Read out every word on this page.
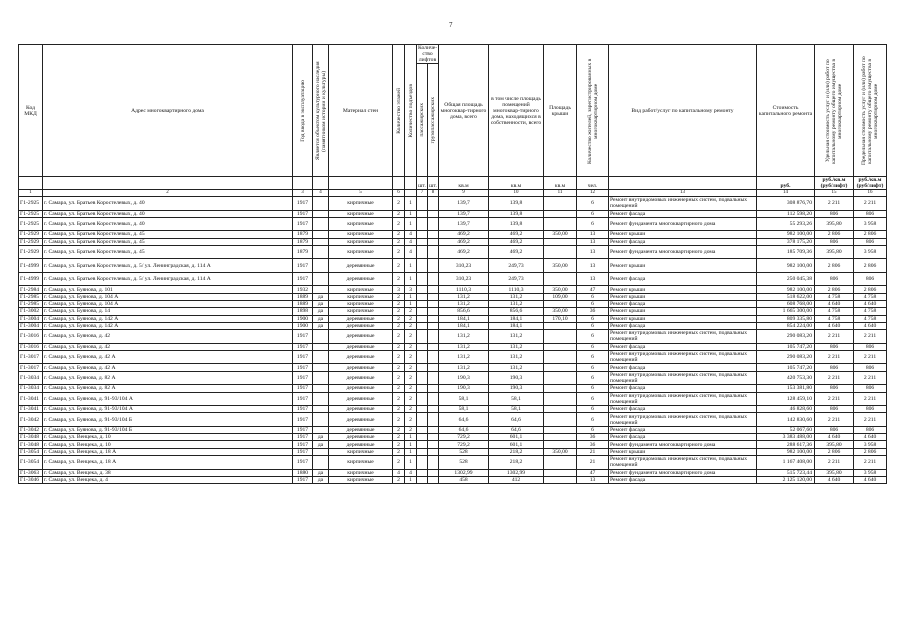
7
Код МКД	Адрес многоквартирного дома	Год ввода в эксплуатацию	Является объектом культурного наследия (памятником истории и культуры)	Материал стен	Количество этажей	Количество подъездов	Количе-ство лифтов		Общая площадь многоквар-тирного дома, всего	в том числе площадь помещений многоквар-тирного дома, находящихся в собственности, всего	Площадь крыши	Количество жителей, зарегистрированных в многоквартирном доме	Вид работ/услуг по капитальному ремонту	Стоимость капитального ремонта	Удельная стоимость услуг и (или) работ по капитальному ремонту общего имущества в многоквартирном доме	Предельная стоимость услуг и (или) работ по капитальному ремонту общего имущества в многоквартирном доме

							пассажирских	грузопассажирских								

							шт.	шт.	кв.м	кв.м	кв.м	чел.		руб.	руб./кв.м (руб/лифт)	руб./кв.м (руб/лифт)
1	2	3	4	5	6		7	8	9	10	11	12	13	14	15	16
Г1-2925	г. Самара, ул. Братьев Коростелевых, д. 40	1917		кирпичные	2	1			139,7	139,8		6	Ремонт внутридомовых инженерных систем, подвальных помещений	308 876,70	2 211	2 211
Г1-2925	г. Самара, ул. Братьев Коростелевых, д. 40	1917		кирпичные	2	1			139,7	139,8		6	Ремонт фасада	112 598,20	806	806
Г1-2925	г. Самара, ул. Братьев Коростелевых, д. 40	1917		кирпичные	2	1			139,7	139,8		6	Ремонт фундамента многоквартирного дома	55 293,26	395,80	3 958
Г1-2929	г. Самара, ул. Братьев Коростелевых, д. 45	1879		кирпичные	2	4			469,2	469,2	350,00	13	Ремонт крыши	982 100,00	2 806	2 806
Г1-2929	г. Самара, ул. Братьев Коростелевых, д. 45	1879		кирпичные	2	4			469,2	469,2		13	Ремонт фасада	378 175,20	806	806
Г1-2929	г. Самара, ул. Братьев Коростелевых, д. 45	1879		кирпичные	2	4			469,2	469,2		13	Ремонт фундамента многоквартирного дома	185 709,36	395,80	3 958
Г1-4999	г. Самара, ул. Братьев Коростелевых, д. 5/ ул. Ленинградская, д. 114 А	1917		деревянные	2	1			310,23	249,73	350,00	13	Ремонт крыши	982 100,00	2 806	2 806
Г1-4999	г. Самара, ул. Братьев Коростелевых, д. 5/ ул. Ленинградская, д. 114 А	1917		деревянные	2	1			310,23	249,73		13	Ремонт фасада	250 045,38	806	806
Г1-2984	г. Самара, ул. Буянова, д. 101	1932		кирпичные	3	3			1110,3	1110,3	350,00	47	Ремонт крыши	982 100,00	2 806	2 806
Г1-2985	г. Самара, ул. Буянова, д. 104 А	1889	да	кирпичные	2	1			131,2	131,2	109,00	6	Ремонт крыши	518 622,00	4 758	4 758
Г1-2985	г. Самара, ул. Буянова, д. 104 А	1889	да	кирпичные	2	1			131,2	131,2		6	Ремонт фасада	608 768,00	4 640	4 640
Г1-3002	г. Самара, ул. Буянова, д. 14	1898	да	кирпичные	2	2			856,6	856,6	350,00	36	Ремонт крыши	1 665 300,00	4 758	4 758
Г1-3004	г. Самара, ул. Буянова, д. 142 А	1900	да	деревянные	2	2			184,1	184,1	170,10	6	Ремонт крыши	809 335,80	4 758	4 758
Г1-3004	г. Самара, ул. Буянова, д. 142 А	1900	да	деревянные	2	2			184,1	184,1		6	Ремонт фасада	854 224,00	4 640	4 640
Г1-3016	г. Самара, ул. Буянова, д. 42	1917		деревянные	2	2			131,2	131,2		6	Ремонт внутридомовых инженерных систем, подвальных помещений	290 083,20	2 211	2 211
Г1-3016	г. Самара, ул. Буянова, д. 42	1917		деревянные	2	2			131,2	131,2		6	Ремонт фасада	105 747,20	806	806
Г1-3017	г. Самара, ул. Буянова, д. 42 А	1917		деревянные	2	2			131,2	131,2		6	Ремонт внутридомовых инженерных систем, подвальных помещений	290 083,20	2 211	2 211
Г1-3017	г. Самара, ул. Буянова, д. 42 А	1917		деревянные	2	2			131,2	131,2		6	Ремонт фасада	105 747,20	806	806
Г1-3034	г. Самара, ул. Буянова, д. 82 А	1917		деревянные	2	2			190,3	190,3		6	Ремонт внутридомовых инженерных систем, подвальных помещений	420 753,30	2 211	2 211
Г1-3034	г. Самара, ул. Буянова, д. 82 А	1917		деревянные	2	2			190,3	190,3		6	Ремонт фасада	153 381,80	806	806
Г1-3041	г. Самара, ул. Буянова, д. 91-93/104 А	1917		деревянные	2	2			58,1	58,1		6	Ремонт внутридомовых инженерных систем, подвальных помещений	128 459,10	2 211	2 211
Г1-3041	г. Самара, ул. Буянова, д. 91-93/104 А	1917		деревянные	2	2			58,1	58,1		6	Ремонт фасада	46 828,60	806	806
Г1-3042	г. Самара, ул. Буянова, д. 91-93/104 Б	1917		деревянные	2	2			64,6	64,6		6	Ремонт внутридомовых инженерных систем, подвальных помещений	142 830,60	2 211	2 211
Г1-3042	г. Самара, ул. Буянова, д. 91-93/104 Б	1917		деревянные	2	2			64,6	64,6		6	Ремонт фасада	52 067,60	806	806
Г1-3048	г. Самара, ул. Венцека, д. 10	1917	да	деревянные	2	1			729,2	601,1		36	Ремонт фасада	3 383 488,00	4 640	4 640
Г1-3048	г. Самара, ул. Венцека, д. 10	1917	да	деревянные	2	1			729,2	601,1		36	Ремонт фундамента многоквартирного дома	288 617,36	395,80	3 958
Г1-3054	г. Самара, ул. Венцека, д. 18 А	1917		кирпичные	2	1			528	218,2	350,00	21	Ремонт крыши	982 100,00	2 806	2 806
Г1-3054	г. Самара, ул. Венцека, д. 18 А	1917		кирпичные	2	1			528	218,2		21	Ремонт внутридомовых инженерных систем, подвальных помещений	1 167 408,00	2 211	2 211
Г1-3063	г. Самара, ул. Венцека, д. 38	1880	да	кирпичные	4	4			1302,99	1302,99		47	Ремонт фундамента многоквартирного дома	515 723,44	395,80	3 958
Г1-3046	г. Самара, ул. Венцека, д. 4	1917	да	кирпичные	2	1			458	412		13	Ремонт фасада	2 125 120,00	4 640	4 640
